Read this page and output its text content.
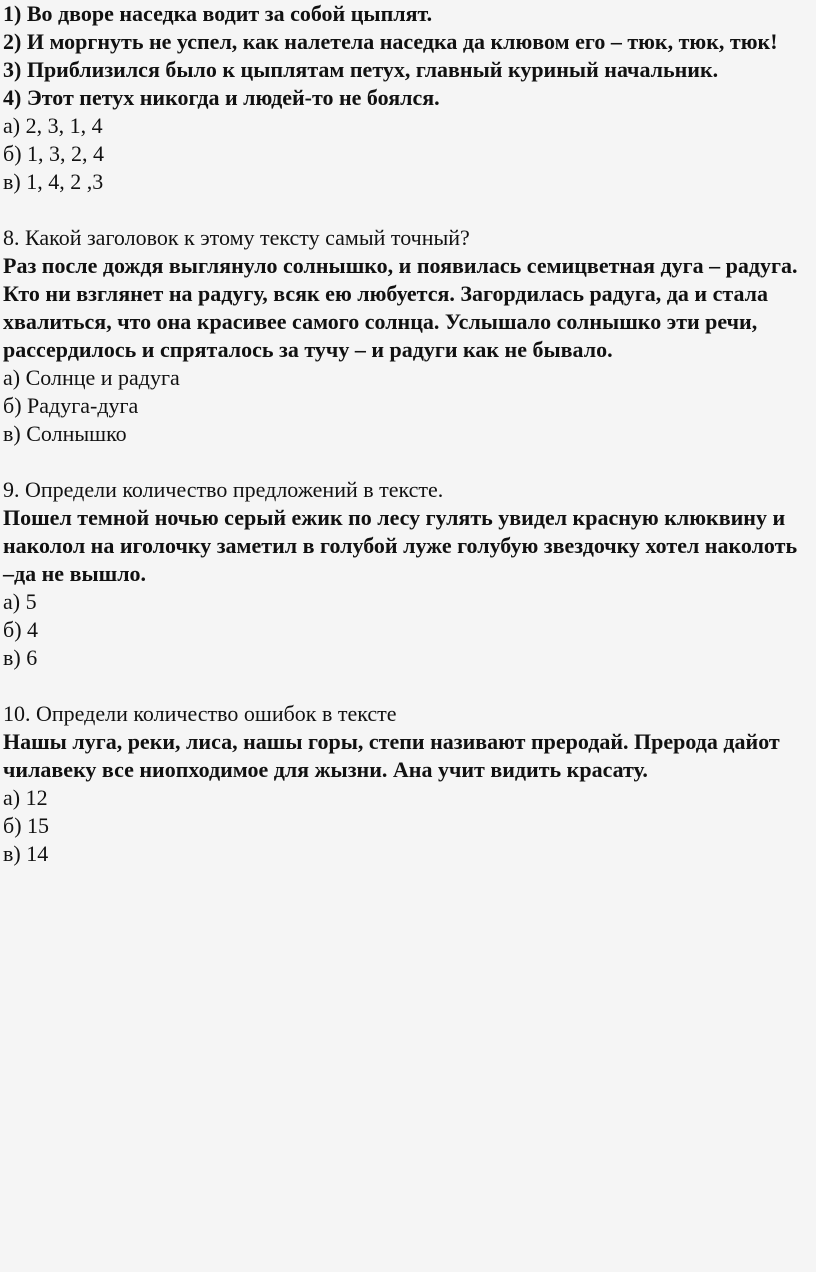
1) Во дворе наседка водит за собой цыплят.

2) И моргнуть не успел, как налетела наседка да клювом его – тюк, тюк, тюк!

3) Приблизился было к цыплятам петух, главный куриный начальник.

4) Этот петух никогда и людей-то не боялся.

а) 2, 3, 1, 4

б) 1, 3, 2, 4

в) 1, 4, 2 ,3

8. Какой заголовок к этому тексту самый точный?

Раз после дождя выглянуло солнышко, и появилась семицветная дуга – радуга. Кто ни взглянет на радугу, всяк ею любуется. Загордилась радуга, да и стала хвалиться, что она красивее самого солнца. Услышало солнышко эти речи, рассердилось и спряталось за тучу – и радуги как не бывало.

а) Солнце и радуга

б) Радуга-дуга

в) Солнышко

9. Определи количество предложений в тексте.

Пошел темной ночью серый ежик по лесу гулять увидел красную клюквину и наколол на иголочку заметил в голубой луже голубую звездочку хотел наколоть –да не вышло.

а) 5

б) 4

в) 6

10. Определи количество ошибок в тексте

Нашы луга, реки, лиса, нашы горы, степи називают преродай. Прерода дайот чилавеку все ниопходимое для жызни. Ана учит видить красату.

а) 12

б) 15

в) 14
